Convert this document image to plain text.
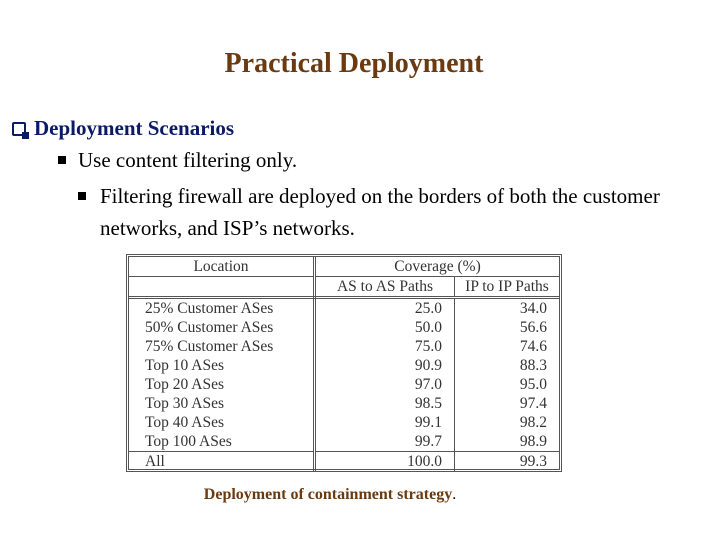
Practical Deployment
Deployment Scenarios
Use content filtering only.
Filtering firewall are deployed on the borders of both the customer networks, and ISP’s networks.
Location	Coverage (%)	
	AS to AS Paths	IP to IP Paths
25% Customer ASes	25.0	34.0
50% Customer ASes	50.0	56.6
75% Customer ASes	75.0	74.6
Top 10 ASes	90.9	88.3
Top 20 ASes	97.0	95.0
Top 30 ASes	98.5	97.4
Top 40 ASes	99.1	98.2
Top 100 ASes	99.7	98.9
All	100.0	99.3
Deployment of containment strategy.
